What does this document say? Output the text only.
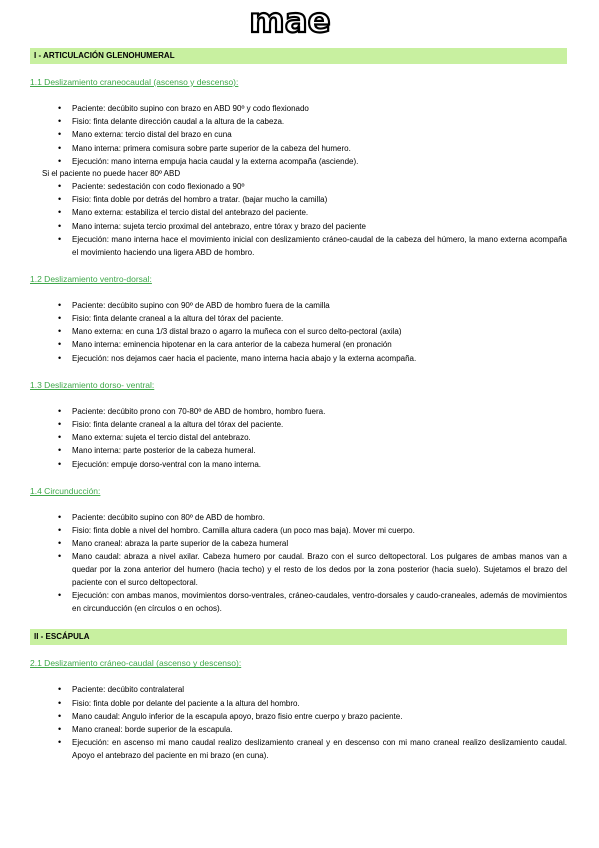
mae
I - ARTICULACIÓN GLENOHUMERAL
1.1 Deslizamiento craneocaudal (ascenso y descenso):
• Paciente: decúbito supino con brazo en ABD 90º y codo flexionado
• Fisio: finta delante dirección caudal a la altura de la cabeza.
• Mano externa: tercio distal del brazo en cuna
• Mano interna: primera comisura sobre parte superior de la cabeza del humero.
• Ejecución: mano interna empuja hacia caudal y la externa acompaña (asciende).

Si el paciente no puede hacer 80º ABD

• Paciente: sedestación con codo flexionado a 90º
• Fisio: finta doble por detrás del hombro a tratar. (bajar mucho la camilla)
• Mano externa: estabiliza el tercio distal del antebrazo del paciente.
• Mano interna: sujeta tercio proximal del antebrazo, entre tórax y brazo del paciente
• Ejecución: mano interna hace el movimiento inicial con deslizamiento cráneo-caudal de la cabeza del húmero, la mano externa acompaña el movimiento haciendo una ligera ABD de hombro.
1.2 Deslizamiento ventro-dorsal:
• Paciente: decúbito supino con 90º de ABD de hombro fuera de la camilla
• Fisio: finta delante craneal a la altura del tórax del paciente.
• Mano externa: en cuna 1/3 distal brazo o agarro la muñeca con el surco delto-pectoral (axila)
• Mano interna: eminencia hipotenar en la cara anterior de la cabeza humeral (en pronación
• Ejecución: nos dejamos caer hacia el paciente, mano interna hacia abajo y la externa acompaña.
1.3 Deslizamiento dorso- ventral:
• Paciente: decúbito prono con 70-80º de ABD de hombro, hombro fuera.
• Fisio: finta delante craneal a la altura del tórax del paciente.
• Mano externa: sujeta el tercio distal del antebrazo.
• Mano interna: parte posterior de la cabeza humeral.
• Ejecución: empuje dorso-ventral con la mano interna.
1.4 Circunducción:
• Paciente: decúbito supino con 80º de ABD de hombro.
• Fisio: finta doble a nivel del hombro. Camilla altura cadera (un poco mas baja). Mover mi cuerpo.
• Mano craneal: abraza la parte superior de la cabeza humeral
• Mano caudal: abraza a nivel axilar. Cabeza humero por caudal. Brazo con el surco deltopectoral. Los pulgares de ambas manos van a quedar por la zona anterior del humero (hacia techo) y el resto de los dedos por la zona posterior (hacia suelo). Sujetamos el brazo del paciente con el surco deltopectoral.
• Ejecución: con ambas manos, movimientos dorso-ventrales, cráneo-caudales, ventro-dorsales y caudo-craneales, además de movimientos en circunducción (en círculos o en ochos).
II - ESCÁPULA
2.1 Deslizamiento cráneo-caudal (ascenso y descenso):
• Paciente: decúbito contralateral
• Fisio: finta doble por delante del paciente a la altura del hombro.
• Mano caudal: Angulo inferior de la escapula apoyo, brazo fisio entre cuerpo y brazo paciente.
• Mano craneal: borde superior de la escapula.
• Ejecución: en ascenso mi mano caudal realizo deslizamiento craneal y en descenso con mi mano craneal realizo deslizamiento caudal. Apoyo el antebrazo del paciente en mi brazo (en cuna).
